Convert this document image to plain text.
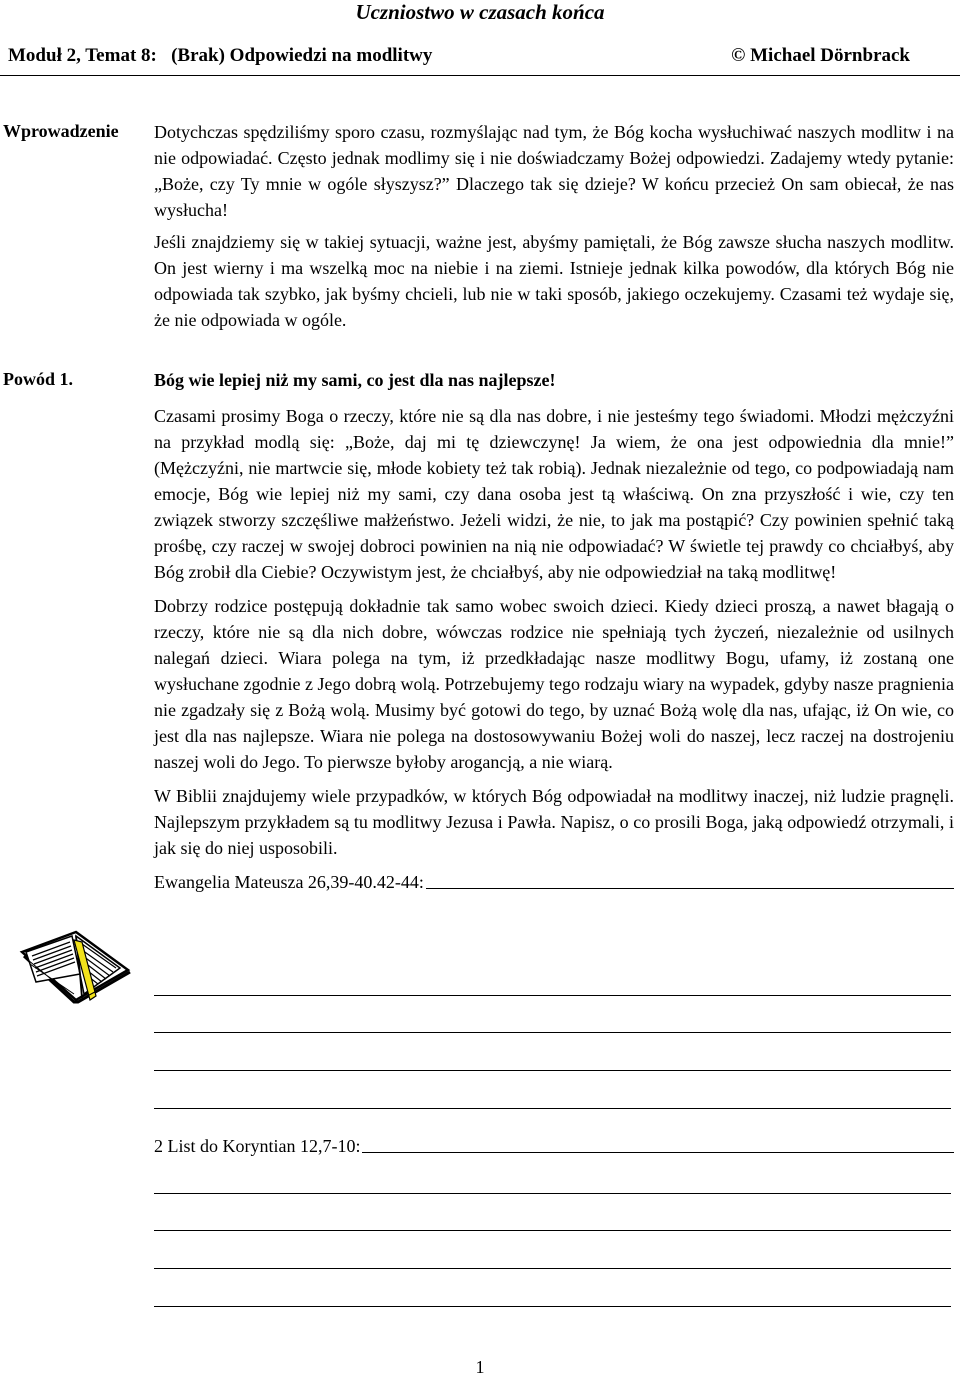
Uczniostwo w czasach końca
Moduł 2, Temat 8:   (Brak) Odpowiedzi na modlitwy	© Michael Dörnbrack
Wprowadzenie Dotychczas spędziliśmy sporo czasu, rozmyślając nad tym, że Bóg kocha wysłuchiwać naszych modlitw i na nie odpowiadać. Często jednak modlimy się i nie doświadczamy Bożej odpowiedzi. Zadajemy wtedy pytanie: „Boże, czy Ty mnie w ogóle słyszysz?” Dlaczego tak się dzieje? W końcu przecież On sam obiecał, że nas wysłucha!

Jeśli znajdziemy się w takiej sytuacji, ważne jest, abyśmy pamiętali, że Bóg zawsze słucha naszych modlitw. On jest wierny i ma wszelką moc na niebie i na ziemi. Istnieje jednak kilka powodów, dla których Bóg nie odpowiada tak szybko, jak byśmy chcieli, lub nie w taki sposób, jakiego oczekujemy. Czasami też wydaje się, że nie odpowiada w ogóle.

Powód 1.	Bóg wie lepiej niż my sami, co jest dla nas najlepsze!

Czasami prosimy Boga o rzeczy, które nie są dla nas dobre, i nie jesteśmy tego świadomi. Młodzi mężczyźni na przykład modlą się: „Boże, daj mi tę dziewczynę! Ja wiem, że ona jest odpowiednia dla mnie!” (Mężczyźni, nie martwcie się, młode kobiety też tak robią). Jednak niezależnie od tego, co podpowiadają nam emocje, Bóg wie lepiej niż my sami, czy dana osoba jest tą właściwą. On zna przyszłość i wie, czy ten związek stworzy szczęśliwe małżeństwo. Jeżeli widzi, że nie, to jak ma postąpić? Czy powinien spełnić taką prośbę, czy raczej w swojej dobroci powinien na nią nie odpowiadać? W świetle tej prawdy co chciałbyś, aby Bóg zrobił dla Ciebie? Oczywistym jest, że chciałbyś, aby nie odpowiedział na taką modlitwę!

Dobrzy rodzice postępują dokładnie tak samo wobec swoich dzieci. Kiedy dzieci proszą, a nawet błagają o rzeczy, które nie są dla nich dobre, wówczas rodzice nie spełniają tych życzeń, niezależnie od usilnych nalegań dzieci. Wiara polega na tym, iż przedkładając nasze modlitwy Bogu, ufamy, iż zostaną one wysłuchane zgodnie z Jego dobrą wolą. Potrzebujemy tego rodzaju wiary na wypadek, gdyby nasze pragnienia nie zgadzały się z Bożą wolą. Musimy być gotowi do tego, by uznać Bożą wolę dla nas, ufając, iż On wie, co jest dla nas najlepsze. Wiara nie polega na dostosowywaniu Bożej woli do naszej, lecz raczej na dostrojeniu naszej woli do Jego. To pierwsze byłoby arogancją, a nie wiarą.

W Biblii znajdujemy wiele przypadków, w których Bóg odpowiadał na modlitwy inaczej, niż ludzie pragnęli. Najlepszym przykładem są tu modlitwy Jezusa i Pawła. Napisz, o co prosili Boga, jaką odpowiedź otrzymali, i jak się do niej usposobili.

Ewangelia Mateusza 26,39-40.42-44:
2 List do Koryntian 12,7-10:
1
